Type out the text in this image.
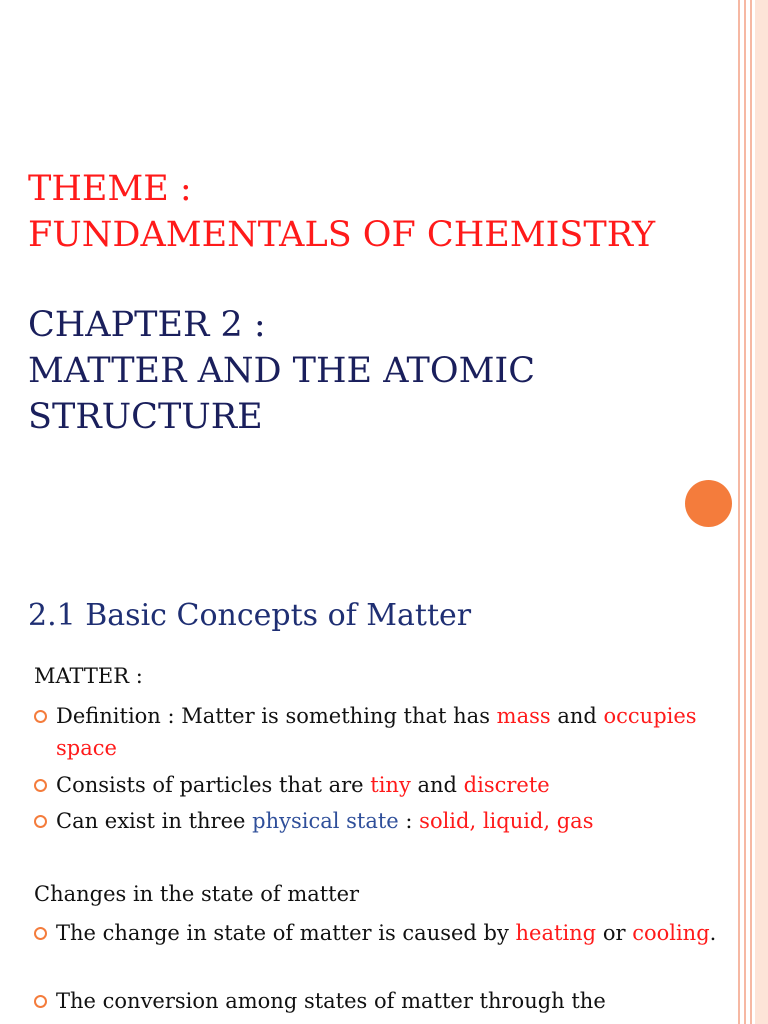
THEME :
FUNDAMENTALS OF CHEMISTRY
CHAPTER 2 :
MATTER AND THE ATOMIC
STRUCTURE
2.1 Basic Concepts of Matter
MATTER :
Definition : Matter is something that has mass and occupies space
Consists of particles that are tiny and discrete
Can exist in three physical state : solid, liquid, gas
Changes in the state of matter
The change in state of matter is caused by heating or cooling.
The conversion among states of matter through the
